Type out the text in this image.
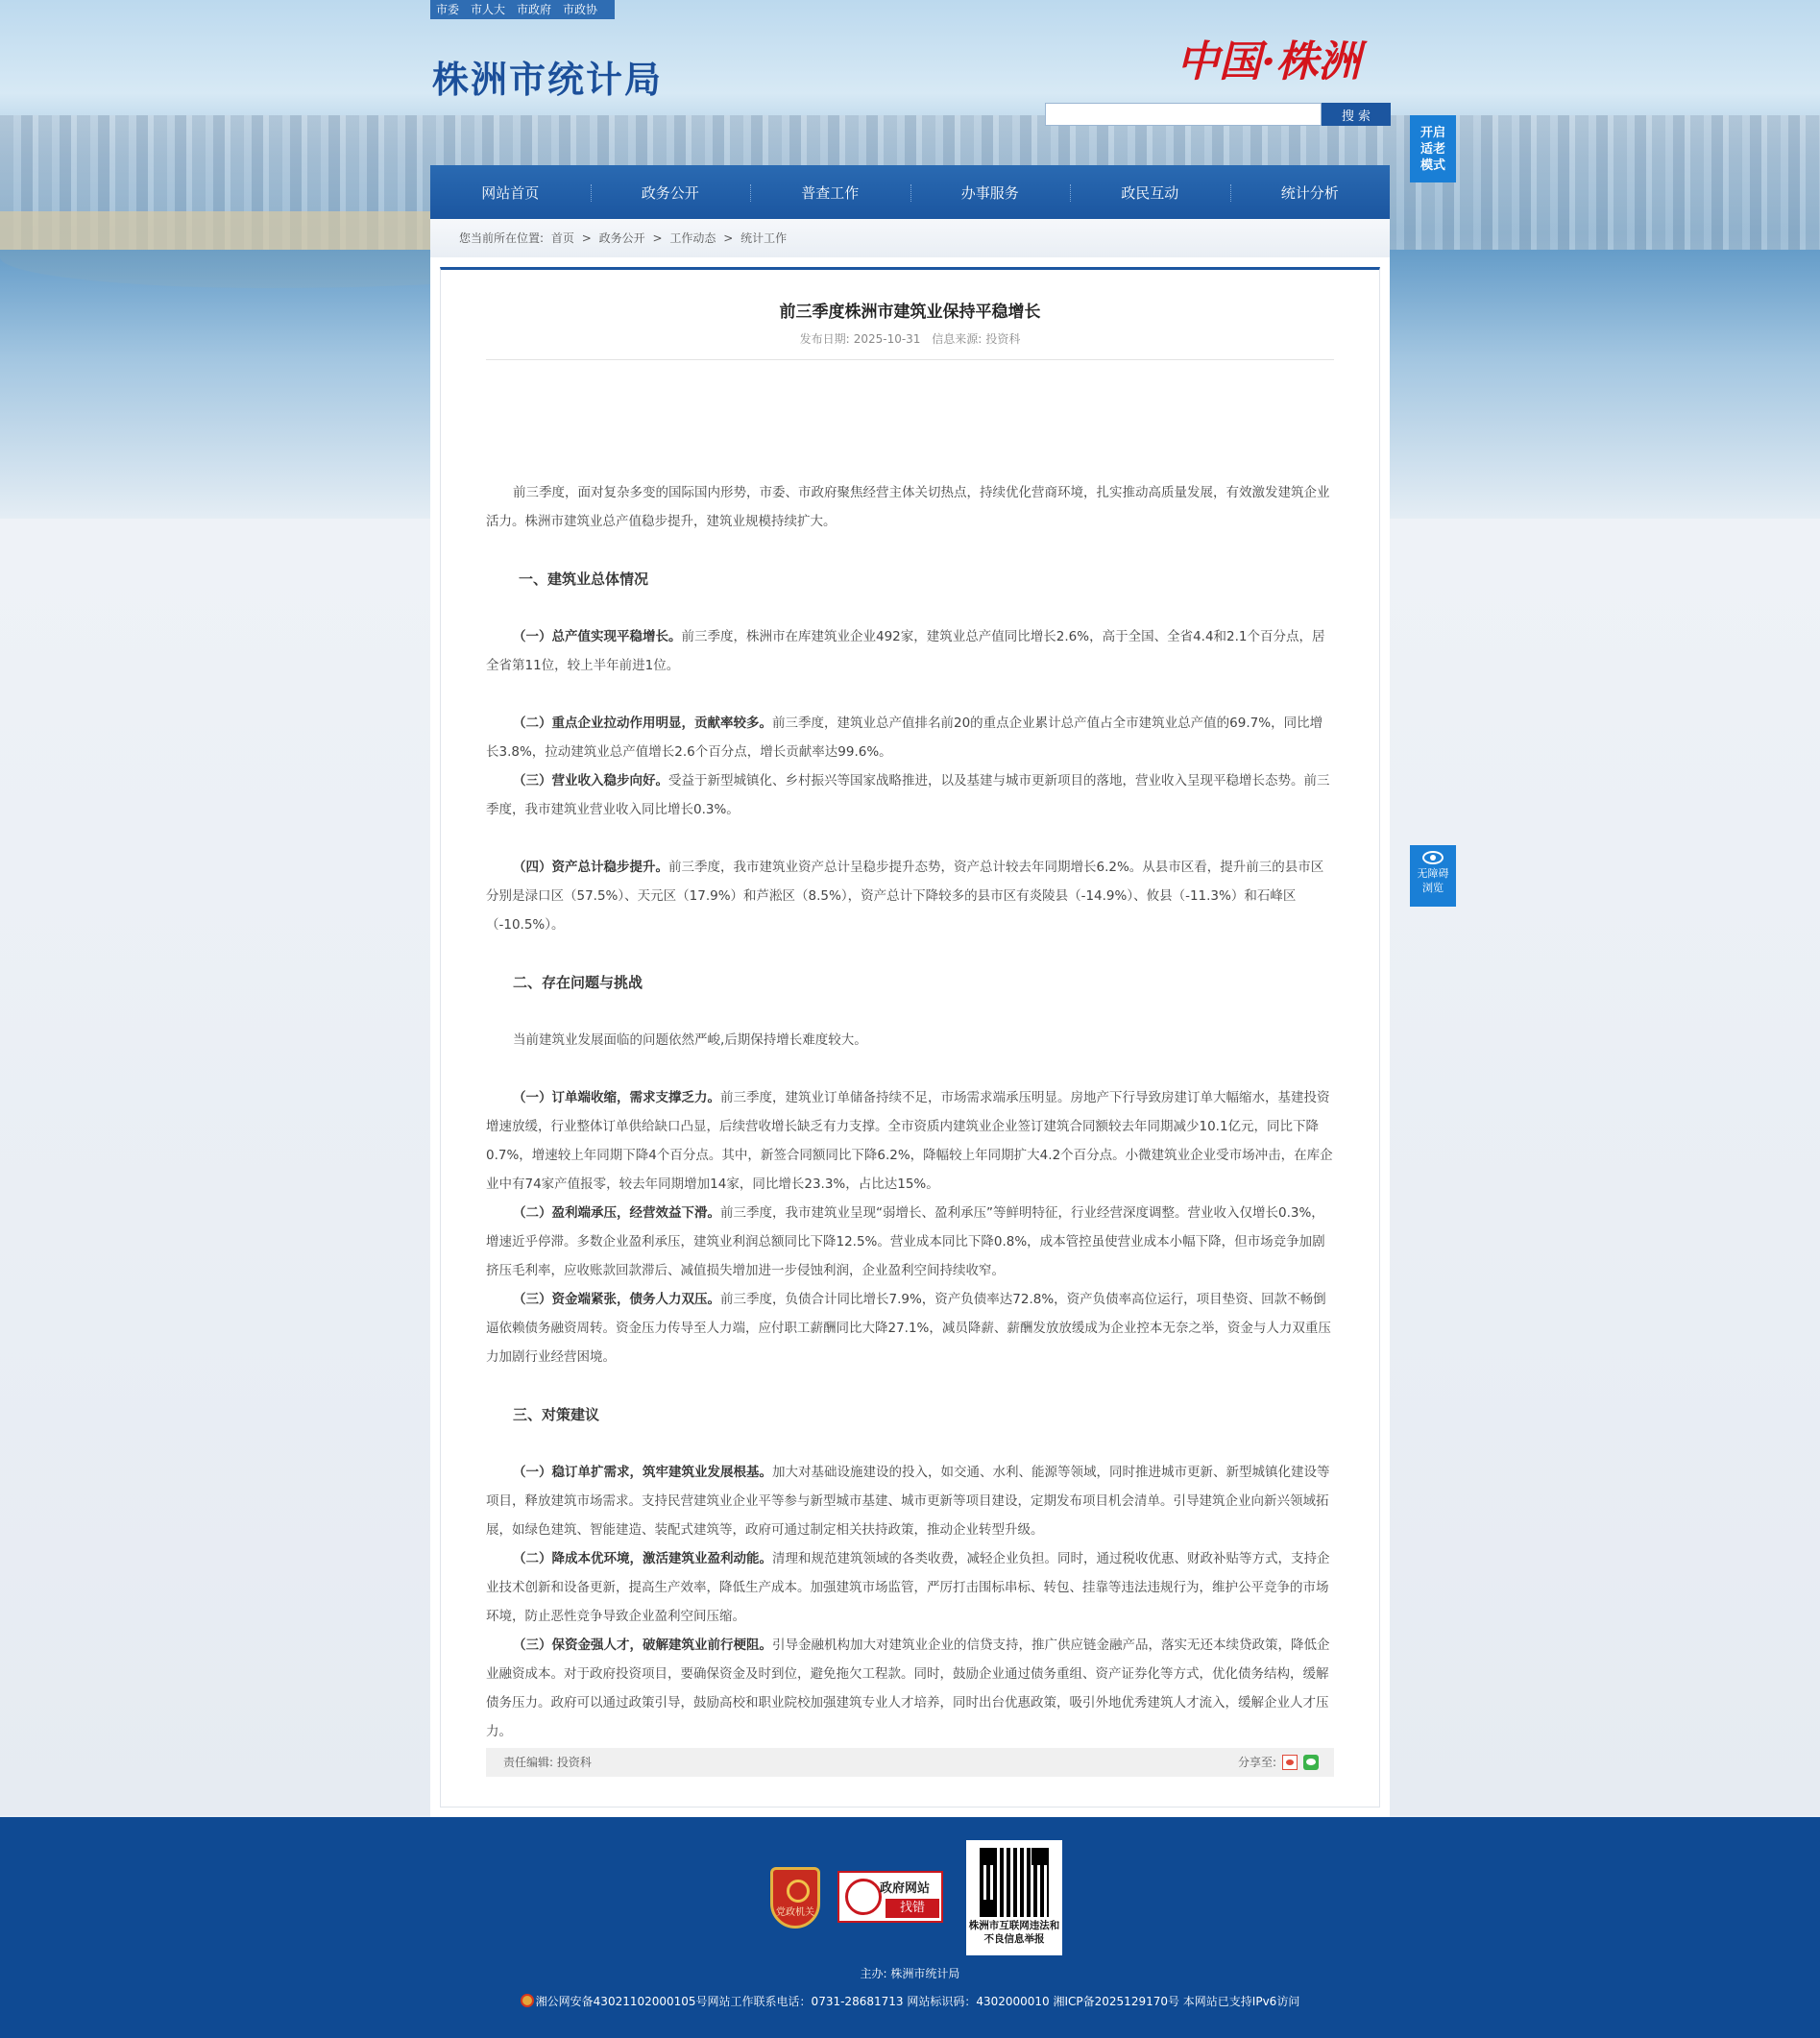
市委 市人大 市政府 市政协
株洲市统计局	中国·株洲
搜 索
开启适老模式
无障碍浏览
网站首页	政务公开	普查工作	办事服务	政民互动	统计分析
您当前所在位置: 首页 > 政务公开 > 工作动态 > 统计工作
前三季度株洲市建筑业保持平稳增长
发布日期: 2025-10-31 信息来源: 投资科

前三季度，面对复杂多变的国际国内形势，市委、市政府聚焦经营主体关切热点，持续优化营商环境，扎实推动高质量发展，有效激发建筑企业活力。株洲市建筑业总产值稳步提升，建筑业规模持续扩大。

一、建筑业总体情况

（一）总产值实现平稳增长。前三季度，株洲市在库建筑业企业492家，建筑业总产值同比增长2.6%，高于全国、全省4.4和2.1个百分点，居全省第11位，较上半年前进1位。

（二）重点企业拉动作用明显，贡献率较多。前三季度，建筑业总产值排名前20的重点企业累计总产值占全市建筑业总产值的69.7%，同比增长3.8%，拉动建筑业总产值增长2.6个百分点，增长贡献率达99.6%。

（三）营业收入稳步向好。受益于新型城镇化、乡村振兴等国家战略推进，以及基建与城市更新项目的落地，营业收入呈现平稳增长态势。前三季度，我市建筑业营业收入同比增长0.3%。

（四）资产总计稳步提升。前三季度，我市建筑业资产总计呈稳步提升态势，资产总计较去年同期增长6.2%。从县市区看，提升前三的县市区分别是渌口区（57.5%）、天元区（17.9%）和芦淞区（8.5%），资产总计下降较多的县市区有炎陵县（-14.9%）、攸县（-11.3%）和石峰区（-10.5%）。

二、存在问题与挑战

当前建筑业发展面临的问题依然严峻,后期保持增长难度较大。

（一）订单端收缩，需求支撑乏力。前三季度，建筑业订单储备持续不足，市场需求端承压明显。房地产下行导致房建订单大幅缩水，基建投资增速放缓，行业整体订单供给缺口凸显，后续营收增长缺乏有力支撑。全市资质内建筑业企业签订建筑合同额较去年同期减少10.1亿元，同比下降0.7%，增速较上年同期下降4个百分点。其中，新签合同额同比下降6.2%，降幅较上年同期扩大4.2个百分点。小微建筑业企业受市场冲击，在库企业中有74家产值报零，较去年同期增加14家，同比增长23.3%，占比达15%。

（二）盈利端承压，经营效益下滑。前三季度，我市建筑业呈现“弱增长、盈利承压”等鲜明特征，行业经营深度调整。营业收入仅增长0.3%，增速近乎停滞。多数企业盈利承压，建筑业利润总额同比下降12.5%。营业成本同比下降0.8%，成本管控虽使营业成本小幅下降，但市场竞争加剧挤压毛利率，应收账款回款滞后、减值损失增加进一步侵蚀利润，企业盈利空间持续收窄。

（三）资金端紧张，债务人力双压。前三季度，负债合计同比增长7.9%，资产负债率达72.8%，资产负债率高位运行，项目垫资、回款不畅倒逼依赖债务融资周转。资金压力传导至人力端，应付职工薪酬同比大降27.1%，减员降薪、薪酬发放放缓成为企业控本无奈之举，资金与人力双重压力加剧行业经营困境。

三、对策建议

（一）稳订单扩需求，筑牢建筑业发展根基。加大对基础设施建设的投入，如交通、水利、能源等领域，同时推进城市更新、新型城镇化建设等项目，释放建筑市场需求。支持民营建筑业企业平等参与新型城市基建、城市更新等项目建设，定期发布项目机会清单。引导建筑企业向新兴领域拓展，如绿色建筑、智能建造、装配式建筑等，政府可通过制定相关扶持政策，推动企业转型升级。

（二）降成本优环境，激活建筑业盈利动能。清理和规范建筑领域的各类收费，减轻企业负担。同时，通过税收优惠、财政补贴等方式，支持企业技术创新和设备更新，提高生产效率，降低生产成本。加强建筑市场监管，严厉打击围标串标、转包、挂靠等违法违规行为，维护公平竞争的市场环境，防止恶性竞争导致企业盈利空间压缩。

（三）保资金强人才，破解建筑业前行梗阻。引导金融机构加大对建筑业企业的信贷支持，推广供应链金融产品，落实无还本续贷政策，降低企业融资成本。对于政府投资项目，要确保资金及时到位，避免拖欠工程款。同时，鼓励企业通过债务重组、资产证券化等方式，优化债务结构，缓解债务压力。政府可以通过政策引导，鼓励高校和职业院校加强建筑专业人才培养，同时出台优惠政策，吸引外地优秀建筑人才流入，缓解企业人才压力。

责任编辑: 投资科	分享至:
党政机关
政府网站
找错
株洲市互联网违法和不良信息举报
主办: 株洲市统计局
湘公网安备43021102000105号网站工作联系电话：0731-28681713 网站标识码：4302000010 湘ICP备2025129170号 本网站已支持IPv6访问
